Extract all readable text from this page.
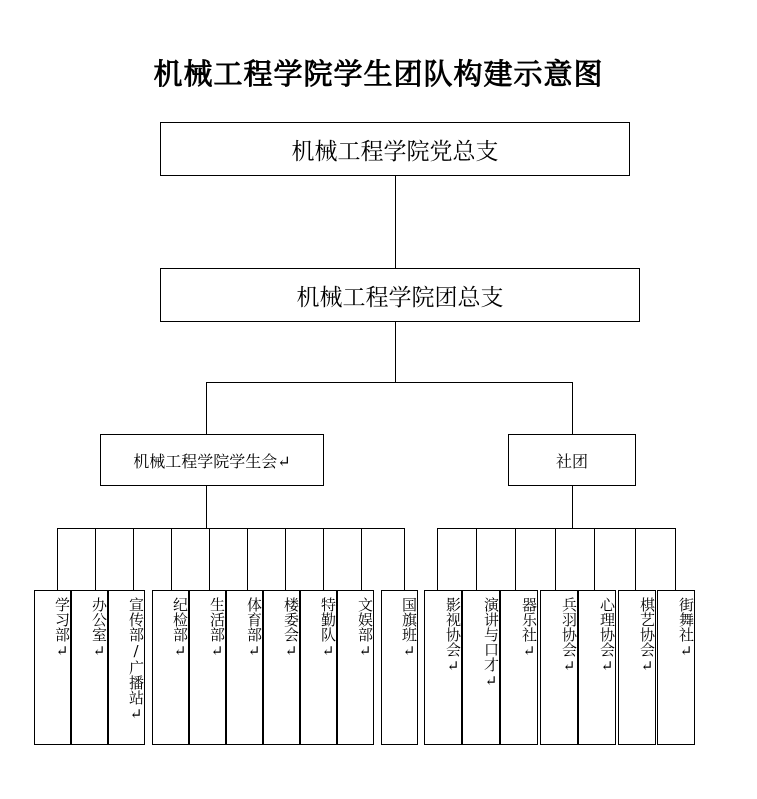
机械工程学院学生团队构建示意图
机械工程学院党总支
机械工程学院团总支
机械工程学院学生会↵	社团
学习部↵ 办公室↵ 宣传部/广播站↵ 纪检部↵ 生活部↵ 体育部↵ 楼委会↵ 特勤队↵ 文娱部↵ 国旗班↵ 影视协会↵ 演讲与口才↵ 器乐社↵ 兵羽协会↵ 心理协会↵ 棋艺协会↵ 街舞社↵
